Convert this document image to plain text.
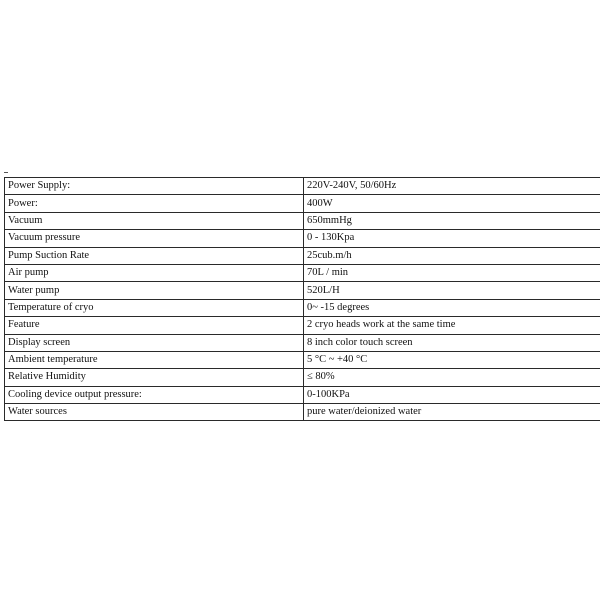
Power Supply:	220V-240V, 50/60Hz
Power:	400W
Vacuum	650mmHg
Vacuum pressure	0 - 130Kpa
Pump Suction Rate	25cub.m/h
Air pump	70L / min
Water pump	520L/H
Temperature of cryo	0~ -15 degrees
Feature	2 cryo heads work at the same time
Display screen	8 inch color touch screen
Ambient temperature	5 °C ~ +40 °C
Relative Humidity	≤ 80%
Cooling device output pressure:	0-100KPa
Water sources	pure water/deionized water
